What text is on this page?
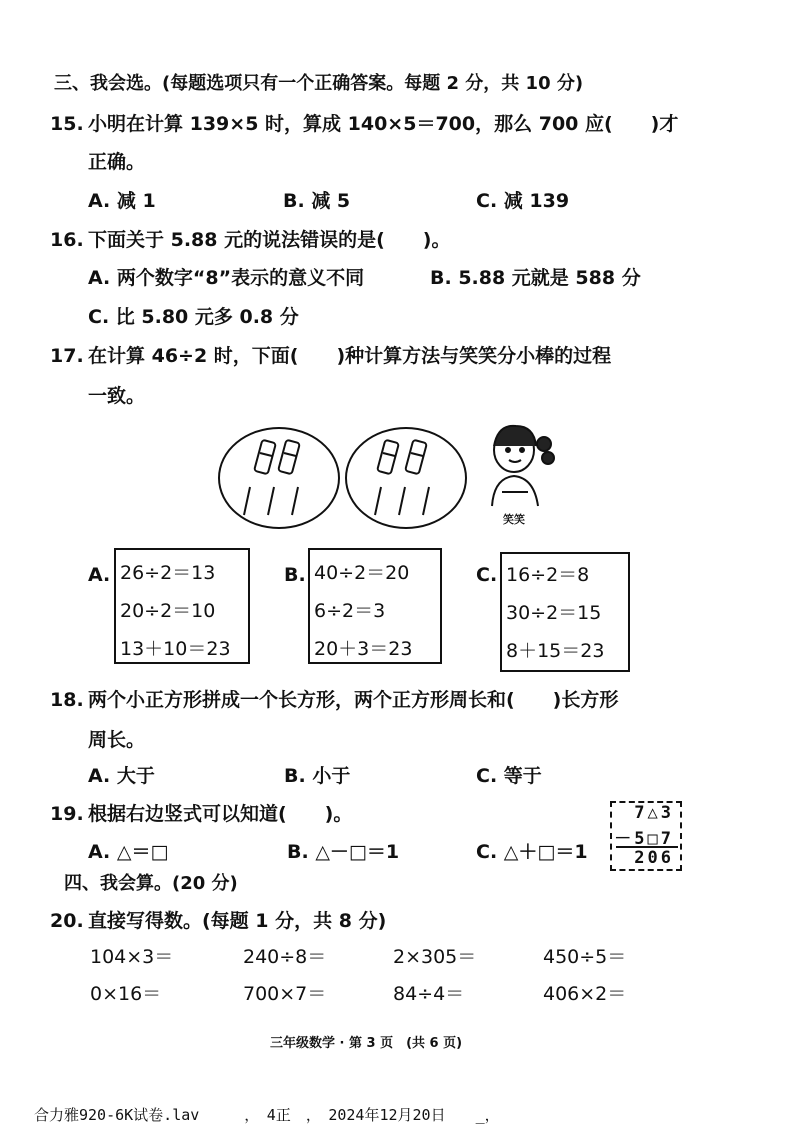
三、我会选。(每题选项只有一个正确答案。每题 2 分，共 10 分)
15. 小明在计算 139×5 时，算成 140×5＝700，那么 700 应(　　)才
正确。
A. 减 1	B. 减 5	C. 减 139
16. 下面关于 5.88 元的说法错误的是(　　)。
A. 两个数字“8”表示的意义不同	B. 5.88 元就是 588 分
C. 比 5.80 元多 0.8 分
17. 在计算 46÷2 时，下面(　　)种计算方法与笑笑分小棒的过程
一致。
笑笑
A. 26÷2＝13
20÷2＝10
13＋10＝23
B. 40÷2＝20
6÷2＝3
20＋3＝23
C. 16÷2＝8
30÷2＝15
8＋15＝23
18. 两个小正方形拼成一个长方形，两个正方形周长和(　　)长方形
周长。
A. 大于	B. 小于	C. 等于
19. 根据右边竖式可以知道(　　)。
A. △＝□	B. △－□＝1	C. △＋□＝1
7△3
－5□7
206
四、我会算。(20 分)
20. 直接写得数。(每题 1 分，共 8 分)
104×3＝	240÷8＝	2×305＝	450÷5＝
0×16＝	700×7＝	84÷4＝	406×2＝
三年级数学 · 第 3 页　(共 6 页)
合力雅920-6K试卷.lav　　　，　4正　，　2024年12月20日　　_，
